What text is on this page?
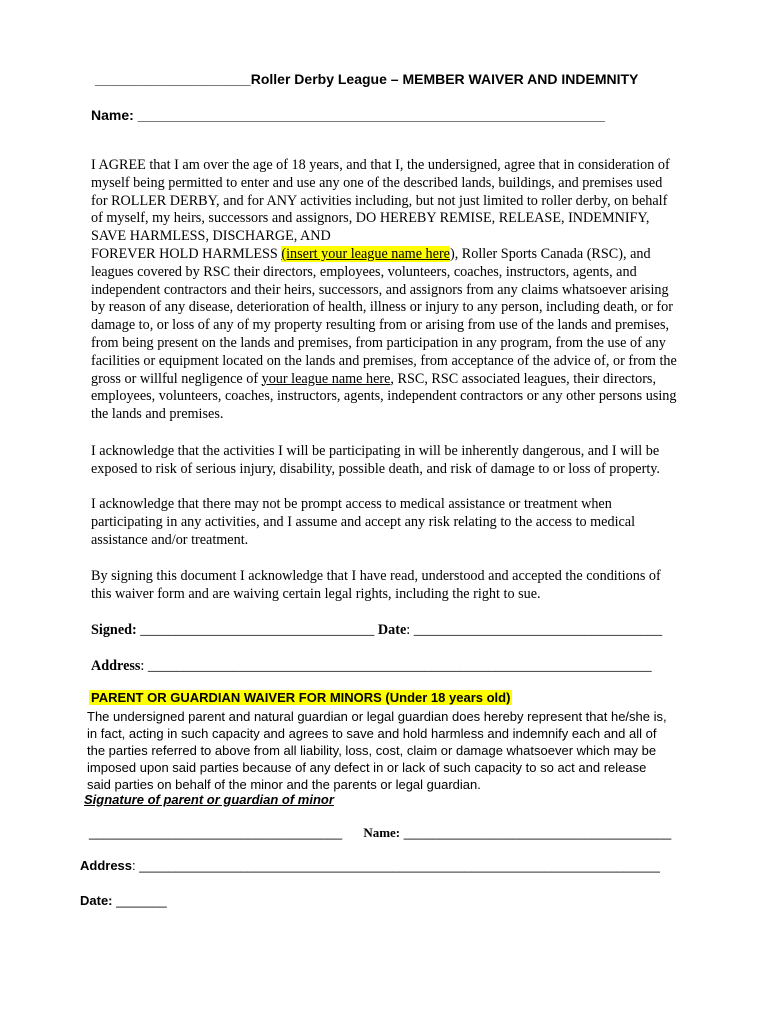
____________________Roller Derby League – MEMBER WAIVER AND INDEMNITY
Name: ____________________________________________________________
I AGREE that I am over the age of 18 years, and that I, the undersigned, agree that in consideration of
myself being permitted to enter and use any one of the described lands, buildings, and premises used
for ROLLER DERBY, and for ANY activities including, but not just limited to roller derby, on behalf
of myself, my heirs, successors and assignors, DO HEREBY REMISE, RELEASE, INDEMNIFY,
SAVE HARMLESS, DISCHARGE, AND
FOREVER HOLD HARMLESS (insert your league name here), Roller Sports Canada (RSC), and
leagues covered by RSC their directors, employees, volunteers, coaches, instructors, agents, and
independent contractors and their heirs, successors, and assignors from any claims whatsoever arising
by reason of any disease, deterioration of health, illness or injury to any person, including death, or for
damage to, or loss of any of my property resulting from or arising from use of the lands and premises,
from being present on the lands and premises, from participation in any program, from the use of any
facilities or equipment located on the lands and premises, from acceptance of the advice of, or from the
gross or willful negligence of your league name here, RSC, RSC associated leagues, their directors,
employees, volunteers, coaches, instructors, agents, independent contractors or any other persons using
the lands and premises.
I acknowledge that the activities I will be participating in will be inherently dangerous, and I will be
exposed to risk of serious injury, disability, possible death, and risk of damage to or loss of property.
I acknowledge that there may not be prompt access to medical assistance or treatment when
participating in any activities, and I assume and accept any risk relating to the access to medical
assistance and/or treatment.
By signing this document I acknowledge that I have read, understood and accepted the conditions of
this waiver form and are waiving certain legal rights, including the right to sue.
Signed: _________________________________ Date: ___________________________________
Address: _______________________________________________________________________
PARENT OR GUARDIAN WAIVER FOR MINORS (Under 18 years old)
The undersigned parent and natural guardian or legal guardian does hereby represent that he/she is,
in fact, acting in such capacity and agrees to save and hold harmless and indemnify each and all of
the parties referred to above from all liability, loss, cost, claim or damage whatsoever which may be
imposed upon said parties because of any defect in or lack of such capacity to so act and release
said parties on behalf of the minor and the parents or legal guardian.
Signature of parent or guardian of minor
___________________________________ Name: _____________________________________
Address: ________________________________________________________________________
Date: _______
